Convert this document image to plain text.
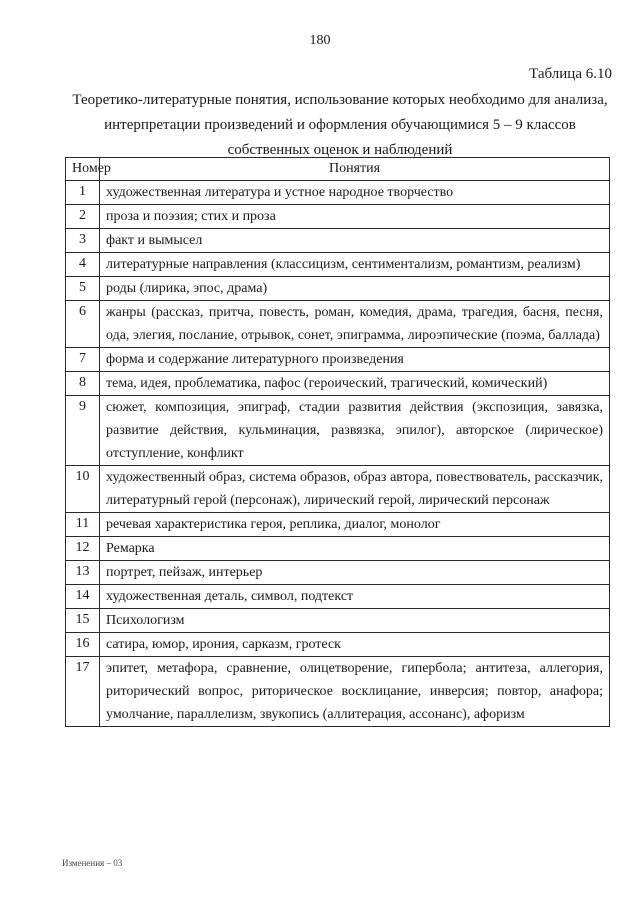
180
Таблица 6.10
Теоретико-литературные понятия, использование которых необходимо для анализа,
интерпретации произведений и оформления обучающимися 5 – 9 классов
собственных оценок и наблюдений
Номер	Понятия
1	художественная литература и устное народное творчество
2	проза и поэзия; стих и проза
3	факт и вымысел
4	литературные направления (классицизм, сентиментализм, романтизм, реализм)
5	роды (лирика, эпос, драма)
6	жанры (рассказ, притча, повесть, роман, комедия, драма, трагедия, басня, песня, ода, элегия, послание, отрывок, сонет, эпиграмма, лироэпические (поэма, баллада)
7	форма и содержание литературного произведения
8	тема, идея, проблематика, пафос (героический, трагический, комический)
9	сюжет, композиция, эпиграф, стадии развития действия (экспозиция, завязка, развитие действия, кульминация, развязка, эпилог), авторское (лирическое) отступление, конфликт
10	художественный образ, система образов, образ автора, повествователь, рассказчик, литературный герой (персонаж), лирический герой, лирический персонаж
11	речевая характеристика героя, реплика, диалог, монолог
12	Ремарка
13	портрет, пейзаж, интерьер
14	художественная деталь, символ, подтекст
15	Психологизм
16	сатира, юмор, ирония, сарказм, гротеск
17	эпитет, метафора, сравнение, олицетворение, гипербола; антитеза, аллегория, риторический вопрос, риторическое восклицание, инверсия; повтор, анафора; умолчание, параллелизм, звукопись (аллитерация, ассонанс), афоризм
Изменения – 03
